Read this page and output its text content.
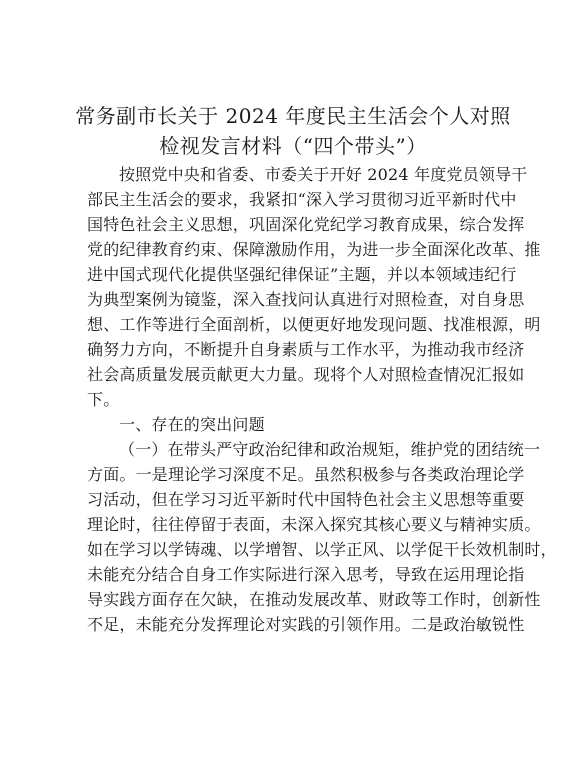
常务副市长关于 2024 年度民主生活会个人对照
检视发言材料（“四个带头”）
按照党中央和省委、市委关于开好 2024 年度党员领导干
部民主生活会的要求，我紧扣“深入学习贯彻习近平新时代中
国特色社会主义思想，巩固深化党纪学习教育成果，综合发挥
党的纪律教育约束、保障激励作用，为进一步全面深化改革、推
进中国式现代化提供坚强纪律保证”主题，并以本领域违纪行
为典型案例为镜鉴，深入查找问认真进行对照检查，对自身思
想、工作等进行全面剖析，以便更好地发现问题、找准根源，明
确努力方向，不断提升自身素质与工作水平，为推动我市经济
社会高质量发展贡献更大力量。现将个人对照检查情况汇报如
下。
一、存在的突出问题
（一）在带头严守政治纪律和政治规矩，维护党的团结统一
方面。一是理论学习深度不足。虽然积极参与各类政治理论学
习活动，但在学习习近平新时代中国特色社会主义思想等重要
理论时，往往停留于表面，未深入探究其核心要义与精神实质。
如在学习以学铸魂、以学增智、以学正风、以学促干长效机制时，
未能充分结合自身工作实际进行深入思考，导致在运用理论指
导实践方面存在欠缺，在推动发展改革、财政等工作时，创新性
不足，未能充分发挥理论对实践的引领作用。二是政治敏锐性
